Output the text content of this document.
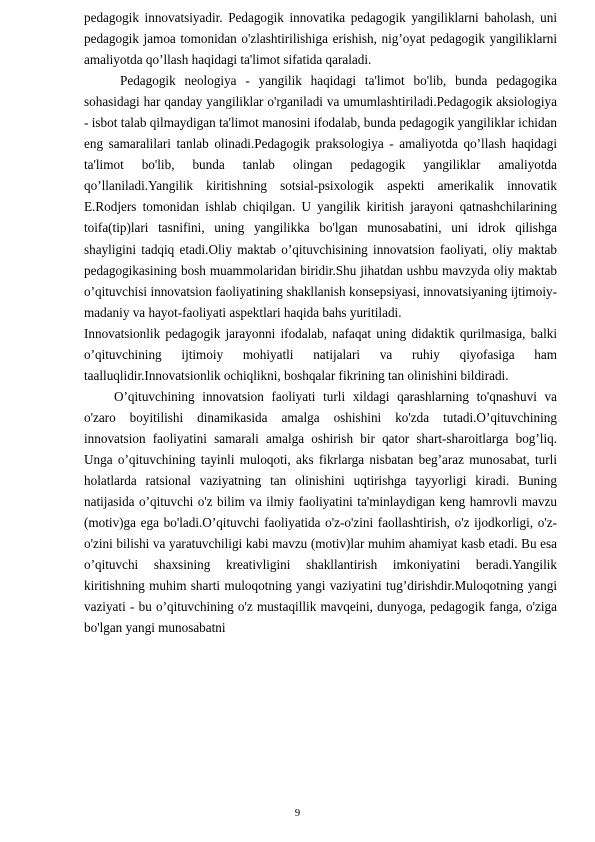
pedagogik innovatsiyadir. Pedagogik innovatika pedagogik yangiliklarni baholash, uni pedagogik jamoa tomonidan o'zlashtirilishiga erishish, nig’oyat pedagogik yangiliklarni amaliyotda qo’llash haqidagi ta'limot sifatida qaraladi.

Pedagogik neologiya - yangilik haqidagi ta'limot bo'lib, bunda pedagogika sohasidagi har qanday yangiliklar o'rganiladi va umumlashtiriladi.Pedagogik aksiologiya - isbot talab qilmaydigan ta'limot manosini ifodalab, bunda pedagogik yangiliklar ichidan eng samaralilari tanlab olinadi.Pedagogik praksologiya - amaliyotda qo’llash haqidagi ta'limot bo'lib, bunda tanlab olingan pedagogik yangiliklar amaliyotda qo’llaniladi.Yangilik kiritishning sotsial-psixologik aspekti amerikalik innovatik E.Rodjers tomonidan ishlab chiqilgan. U yangilik kiritish jarayoni qatnashchilarining toifa(tip)lari tasnifini, uning yangilikka bo'lgan munosabatini, uni idrok qilishga shayligini tadqiq etadi.Oliy maktab o’qituvchisining innovatsion faoliyati, oliy maktab pedagogikasining bosh muammolaridan biridir.Shu jihatdan ushbu mavzyda oliy maktab o’qituvchisi innovatsion faoliyatining shakllanish konsepsiyasi, innovatsiyaning ijtimoiy-madaniy va hayot-faoliyati aspektlari haqida bahs yuritiladi.

Innovatsionlik pedagogik jarayonni ifodalab, nafaqat uning didaktik qurilmasiga, balki o’qituvchining ijtimoiy mohiyatli natijalari va ruhiy qiyofasiga ham taalluqlidir.Innovatsionlik ochiqlikni, boshqalar fikrining tan olinishini bildiradi.

O’qituvchining innovatsion faoliyati turli xildagi qarashlarning to'qnashuvi va o'zaro boyitilishi dinamikasida amalga oshishini ko'zda tutadi.O’qituvchining innovatsion faoliyatini samarali amalga oshirish bir qator shart-sharoitlarga bog’liq. Unga o’qituvchining tayinli muloqoti, aks fikrlarga nisbatan beg’araz munosabat, turli holatlarda ratsional vaziyatning tan olinishini uqtirishga tayyorligi kiradi. Buning natijasida o’qituvchi o'z bilim va ilmiy faoliyatini ta'minlaydigan keng hamrovli mavzu (motiv)ga ega bo'ladi.O’qituvchi faoliyatida o'z-o'zini faollashtirish, o'z ijodkorligi, o'z-o'zini bilishi va yaratuvchiligi kabi mavzu (motiv)lar muhim ahamiyat kasb etadi. Bu esa o’qituvchi shaxsining kreativligini shakllantirish imkoniyatini beradi.Yangilik kiritishning muhim sharti muloqotning yangi vaziyatini tug’dirishdir.Muloqotning yangi vaziyati - bu o’qituvchining o'z mustaqillik mavqeini, dunyoga, pedagogik fanga, o'ziga bo'lgan yangi munosabatni

9
